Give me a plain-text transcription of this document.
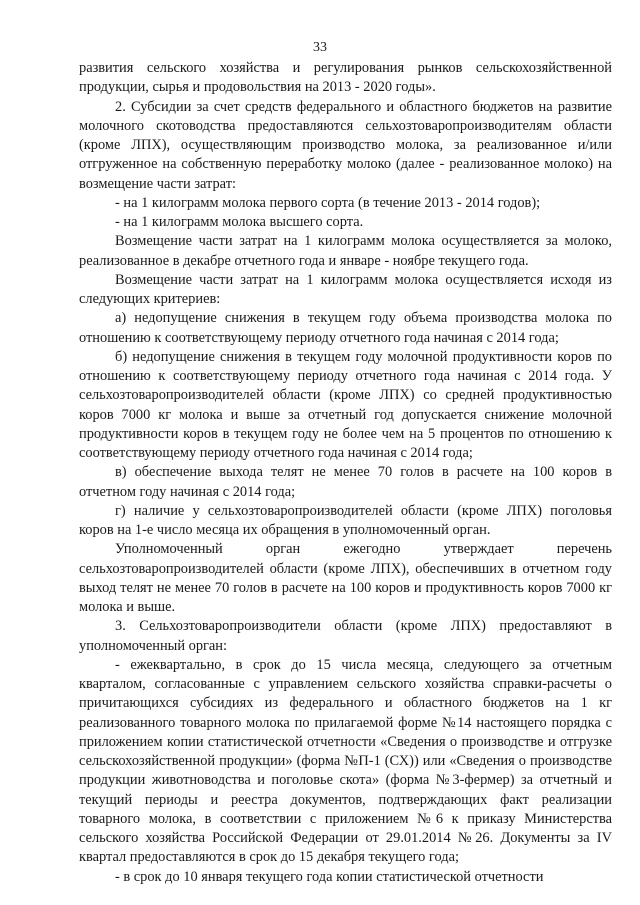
33

развития сельского хозяйства и регулирования рынков сельскохозяйственной продукции, сырья и продовольствия на 2013 - 2020 годы».

2. Субсидии за счет средств федерального и областного бюджетов на развитие молочного скотоводства предоставляются сельхозтоваропроизводителям области (кроме ЛПХ), осуществляющим производство молока, за реализованное и/или отгруженное на собственную переработку молоко (далее - реализованное молоко) на возмещение части затрат:

- на 1 килограмм молока первого сорта (в течение 2013 - 2014 годов);

- на 1 килограмм молока высшего сорта.

Возмещение части затрат на 1 килограмм молока осуществляется за молоко, реализованное в декабре отчетного года и январе - ноябре текущего года.

Возмещение части затрат на 1 килограмм молока осуществляется исходя из следующих критериев:

а) недопущение снижения в текущем году объема производства молока по отношению к соответствующему периоду отчетного года начиная с 2014 года;

б) недопущение снижения в текущем году молочной продуктивности коров по отношению к соответствующему периоду отчетного года начиная с 2014 года. У сельхозтоваропроизводителей области (кроме ЛПХ) со средней продуктивностью коров 7000 кг молока и выше за отчетный год допускается снижение молочной продуктивности коров в текущем году не более чем на 5 процентов по отношению к соответствующему периоду отчетного года начиная с 2014 года;

в) обеспечение выхода телят не менее 70 голов в расчете на 100 коров в отчетном году начиная с 2014 года;

г) наличие у сельхозтоваропроизводителей области (кроме ЛПХ) поголовья коров на 1-е число месяца их обращения в уполномоченный орган.

Уполномоченный орган ежегодно утверждает перечень сельхозтоваропроизводителей области (кроме ЛПХ), обеспечивших в отчетном году выход телят не менее 70 голов в расчете на 100 коров и продуктивность коров 7000 кг молока и выше.

3. Сельхозтоваропроизводители области (кроме ЛПХ) предоставляют в уполномоченный орган:

- ежеквартально, в срок до 15 числа месяца, следующего за отчетным кварталом, согласованные с управлением сельского хозяйства справки-расчеты о причитающихся субсидиях из федерального и областного бюджетов на 1 кг реализованного товарного молока по прилагаемой форме №14 настоящего порядка с приложением копии статистической отчетности «Сведения о производстве и отгрузке сельскохозяйственной продукции» (форма №П-1 (СХ)) или «Сведения о производстве продукции животноводства и поголовье скота» (форма №3-фермер) за отчетный и текущий периоды и реестра документов, подтверждающих факт реализации товарного молока, в соответствии с приложением №6 к приказу Министерства сельского хозяйства Российской Федерации от 29.01.2014 №26. Документы за IV квартал предоставляются в срок до 15 декабря текущего года;

- в срок до 10 января текущего года копии статистической отчетности
